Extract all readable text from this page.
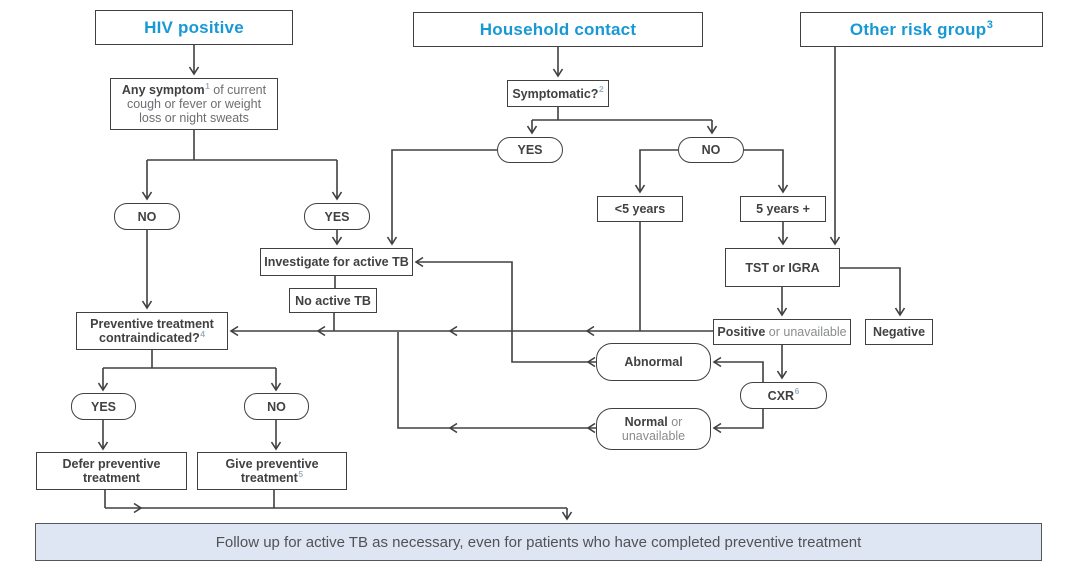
HIV positive	Household contact	Other risk group$^3$
Any symptom$^1$ of current cough or fever or weight loss or night sweats
NO	YES
Investigate for active TB
No active TB
Symptomatic?$^2$
YES	NO
<5 years	5 years +
TST or IGRA
Positive or unavailable Negative
Abnormal
CXR$^6$
Normal or unavailable
Preventive treatment contraindicated?$^4$
YES	NO
Defer preventive treatment
Give preventive treatment$^5$
Follow up for active TB as necessary, even for patients who have completed preventive treatment
